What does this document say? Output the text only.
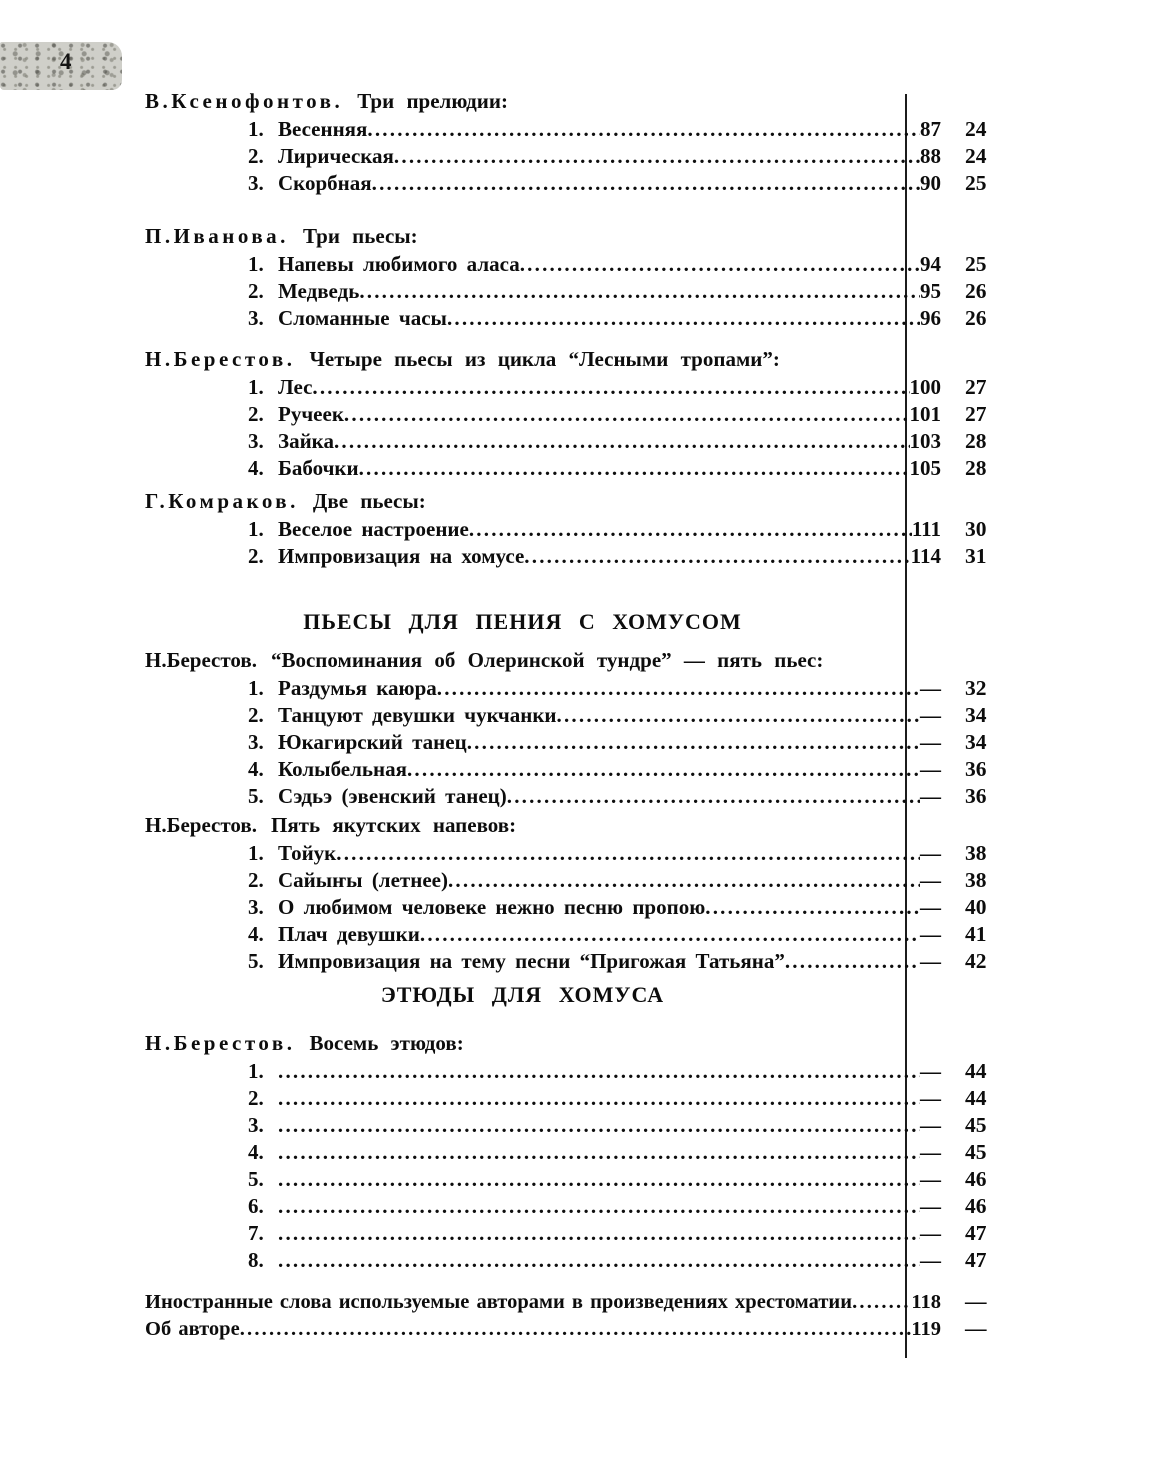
4
В.Ксенофонтов. Три прелюдии:
1. Весенняя .....	87 24
2. Лирическая .....	88 24
3. Скорбная .....	90 25
П.Иванова. Три пьесы:
1. Напевы любимого аласа .....	94 25
2. Медведь .....	95 26
3. Сломанные часы .....	96 26
Н.Берестов. Четыре пьесы из цикла “Лесными тропами”:
1. Лес .....	100 27
2. Ручеек .....	101 27
3. Зайка .....	103 28
4. Бабочки .....	105 28
Г.Комраков. Две пьесы:
1. Веселое настроение .....	111 30
2. Импровизация на хомусе .....	114 31
ПЬЕСЫ ДЛЯ ПЕНИЯ С ХОМУСОМ
Н.Берестов. “Воспоминания об Олеринской тундре” — пять пьес:
1. Раздумья каюра .....	— 32
2. Танцуют девушки чукчанки .....	— 34
3. Юкагирский танец .....	— 34
4. Колыбельная .....	— 36
5. Сэдьэ (эвенский танец) .....	— 36
Н.Берестов. Пять якутских напевов:
1. Тойук .....	— 38
2. Сайыҥы (летнее) .....	— 38
3. О любимом человеке нежно песню пропою .....	— 40
4. Плач девушки .....	— 41
5. Импровизация на тему песни “Пригожая Татьяна” .....	— 42
ЭТЮДЫ ДЛЯ ХОМУСА
Н.Берестов. Восемь этюдов:
1. .....	— 44
2. .....	— 44
3. .....	— 45
4. .....	— 45
5. .....	— 46
6. .....	— 46
7. .....	— 47
8. .....	— 47
Иностранные слова используемые авторами в произведениях хрестоматии .....	118 —
Об авторе .....	119 —
